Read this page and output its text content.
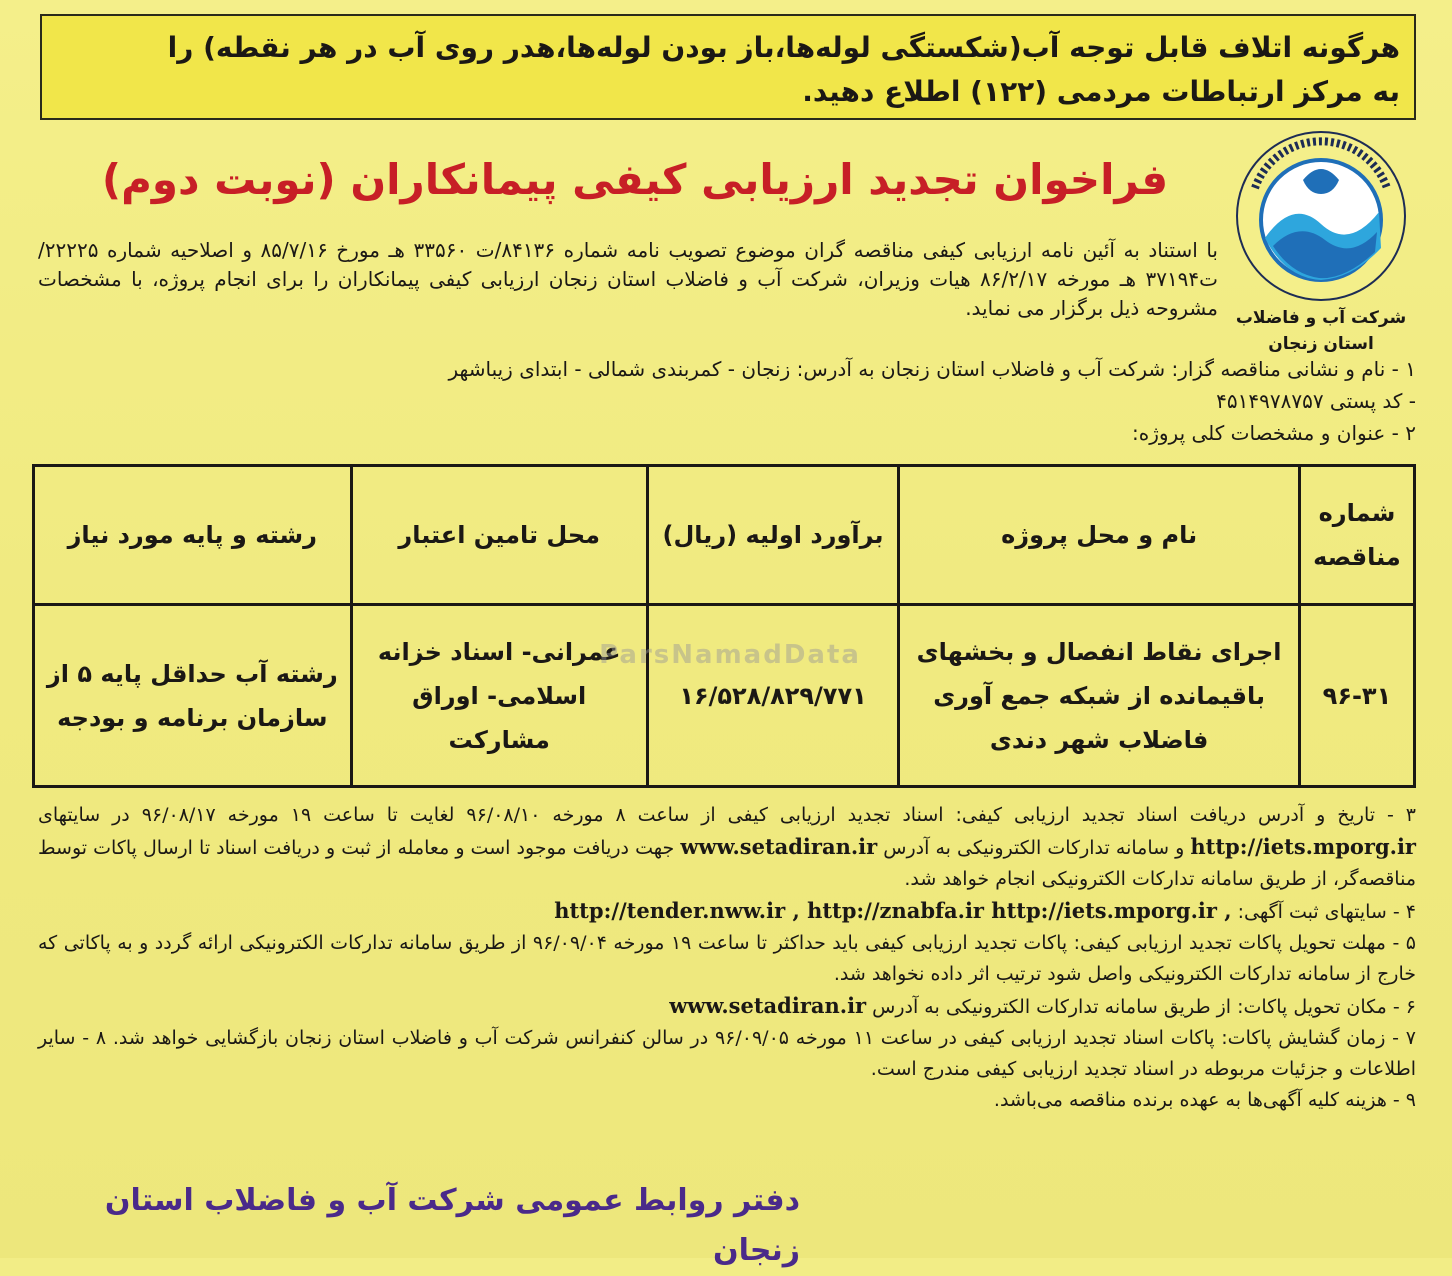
هرگونه اتلاف قابل توجه آب(شکستگی لوله‌ها،باز بودن لوله‌ها،هدر روی آب در هر نقطه) را
به مرکز ارتباطات مردمی (۱۲۲) اطلاع دهید.
شرکت آب و فاضلاب
استان زنجان
فراخوان تجدید ارزیابی کیفی پیمانکاران (نوبت دوم)
با استناد به آئین نامه ارزیابی کیفی مناقصه گران موضوع تصویب نامه شماره ۸۴۱۳۶/ت ۳۳۵۶۰ هـ مورخ ۸۵/۷/۱۶ و اصلاحیه شماره ۲۲۲۲۵/ت۳۷۱۹۴ هـ مورخه ۸۶/۲/۱۷ هیات وزیران، شرکت آب و فاضلاب استان زنجان ارزیابی کیفی پیمانکاران را برای انجام پروژه، با مشخصات مشروحه ذیل برگزار می نماید.
۱ - نام و نشانی مناقصه گزار: شرکت آب و فاضلاب استان زنجان به آدرس: زنجان - کمربندی شمالی - ابتدای زیباشهر
- کد پستی ۴۵۱۴۹۷۸۷۵۷
۲ - عنوان و مشخصات کلی پروژه:
شماره مناقصه	نام و محل پروژه	برآورد اولیه (ریال)	محل تامین اعتبار	رشته و پایه مورد نیاز
۹۶-۳۱	اجرای نقاط انفصال و بخشهای باقیمانده از شبکه جمع آوری فاضلاب شهر دندی	۱۶/۵۲۸/۸۲۹/۷۷۱	عمرانی- اسناد خزانه اسلامی- اوراق مشارکت	رشته آب حداقل پایه ۵ از سازمان برنامه و بودجه
ParsNamadData

۳ - تاریخ و آدرس دریافت اسناد تجدید ارزیابی کیفی: اسناد تجدید ارزیابی کیفی از ساعت ۸ مورخه ۹۶/۰۸/۱۰ لغایت تا ساعت ۱۹ مورخه ۹۶/۰۸/۱۷ در سایتهای http://iets.mporg.ir و سامانه تدارکات الکترونیکی به آدرس www.setadiran.ir جهت دریافت موجود است و معامله از ثبت و دریافت اسناد تا ارسال پاکات توسط مناقصه‌گر، از طریق سامانه تدارکات الکترونیکی انجام خواهد شد.

۴ - سایتهای ثبت آگهی: http://tender.nww.ir , http://znabfa.ir http://iets.mporg.ir ,

۵ - مهلت تحویل پاکات تجدید ارزیابی کیفی: پاکات تجدید ارزیابی کیفی باید حداکثر تا ساعت ۱۹ مورخه ۹۶/۰۹/۰۴ از طریق سامانه تدارکات الکترونیکی ارائه گردد و به پاکاتی که خارج از سامانه تدارکات الکترونیکی واصل شود ترتیب اثر داده نخواهد شد.

۶ - مکان تحویل پاکات: از طریق سامانه تدارکات الکترونیکی به آدرس www.setadiran.ir

۷ - زمان گشایش پاکات: پاکات اسناد تجدید ارزیابی کیفی در ساعت ۱۱ مورخه ۹۶/۰۹/۰۵ در سالن کنفرانس شرکت آب و فاضلاب استان زنجان بازگشایی خواهد شد. ۸ - سایر اطلاعات و جزئیات مربوطه در اسناد تجدید ارزیابی کیفی مندرج است.

۹ - هزینه کلیه آگهی‌ها به عهده برنده مناقصه می‌باشد.

دفتر روابط عمومی شرکت آب و فاضلاب استان زنجان
